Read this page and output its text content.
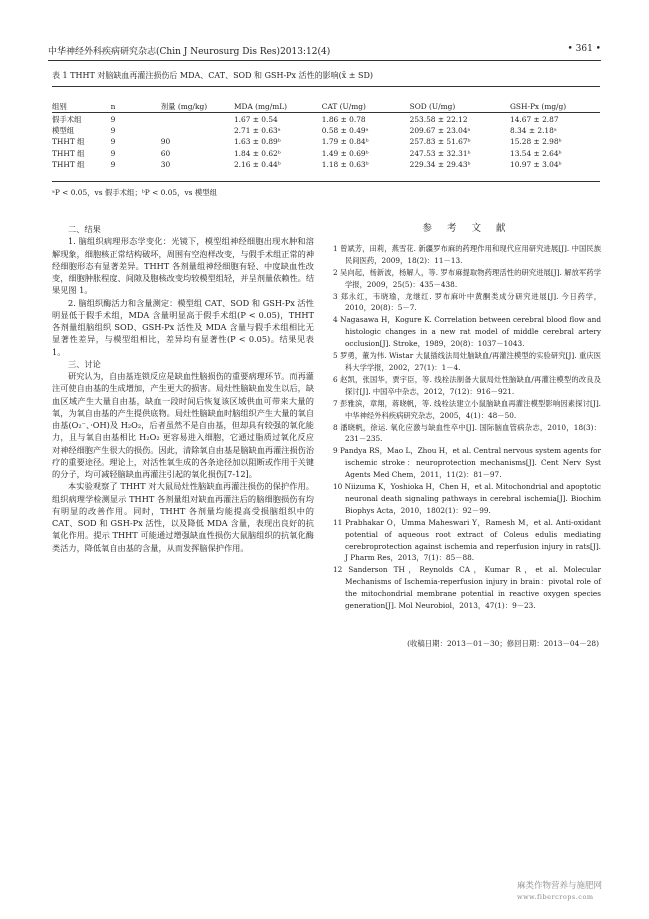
中华神经外科疾病研究杂志(Chin J Neurosurg Dis Res)2013:12(4)	• 361 •
表 1 THHT 对脑缺血再灌注损伤后 MDA、CAT、SOD 和 GSH-Px 活性的影响(x̄ ± SD)
组别	n	剂量 (mg/kg)	MDA (mg/mL)	CAT (U/mg)	SOD (U/mg)	GSH-Px (mg/g)
假手术组	9		1.67 ± 0.54	1.86 ± 0.78	253.58 ± 22.12	14.67 ± 2.87
模型组	9		2.71 ± 0.63ᵃ	0.58 ± 0.49ᵃ	209.67 ± 23.04ᵃ	8.34 ± 2.18ᵃ
THHT 组	9	90	1.63 ± 0.89ᵇ	1.79 ± 0.84ᵇ	257.83 ± 51.67ᵇ	15.28 ± 2.98ᵇ
THHT 组	9	60	1.84 ± 0.62ᵇ	1.49 ± 0.69ᵇ	247.53 ± 32.31ᵇ	13.54 ± 2.64ᵇ
THHT 组	9	30	2.16 ± 0.44ᵇ	1.18 ± 0.63ᵇ	229.34 ± 29.43ᵇ	10.97 ± 3.04ᵇ
ᵃP < 0.05，vs 假手术组；ᵇP < 0.05，vs 模型组

二、结果

1. 脑组织病理形态学变化：光镜下，模型组神经细胞出现水肿和溶解现象，细胞核正常结构破坏，周围有空泡样改变，与假手术组正常的神经细胞形态有显著差异。THHT 各剂量组神经细胞有轻、中度缺血性改变，细胞肿胀程度、间隙及胞核改变均较模型组轻，并呈剂量依赖性。结果见图 1。

2. 脑组织酶活力和含量测定：模型组 CAT、SOD 和 GSH-Px 活性明显低于假手术组，MDA 含量明显高于假手术组(P < 0.05)，THHT 各剂量组脑组织 SOD、GSH-Px 活性及 MDA 含量与假手术组相比无显著性差异，与模型组相比，差异均有显著性(P < 0.05)。结果见表 1。

三、讨论

研究认为，自由基连锁反应是缺血性脑损伤的重要病理环节。而再灌注可使自由基的生成增加，产生更大的损害。局灶性脑缺血发生以后，缺血区域产生大量自由基，缺血一段时间后恢复该区域供血可带来大量的氧，为氧自由基的产生提供底物。局灶性脑缺血时脑组织产生大量的氧自由基(O₂⁻、·OH)及 H₂O₂，后者虽然不是自由基，但却具有较强的氧化能力，且与氧自由基相比 H₂O₂ 更容易进入细胞，它通过脂质过氧化反应对神经细胞产生很大的损伤。因此，清除氧自由基是脑缺血再灌注损伤治疗的重要途径。理论上，对活性氧生成的各条途径加以阻断或作用于关键的分子，均可减轻脑缺血再灌注引起的氧化损伤[7-12]。

本实验观察了 THHT 对大鼠局灶性脑缺血再灌注损伤的保护作用。组织病理学检测显示 THHT 各剂量组对缺血再灌注后的脑细胞损伤有均有明显的改善作用。同时，THHT 各剂量均能提高受损脑组织中的 CAT、SOD 和 GSH-Px 活性，以及降低 MDA 含量，表现出良好的抗氧化作用。提示 THHT 可能通过增强缺血性损伤大鼠脑组织的抗氧化酶类活力，降低氧自由基的含量，从而发挥脑保护作用。

参 考 文 献

1 曾斌芳，田莉，燕雪花. 新疆罗布麻的药理作用和现代应用研究进展[J]. 中国民族民间医药，2009，18(2)：11－13.

2 吴向起，杨新波，杨解人，等. 罗布麻提取物药理活性的研究进展[J]. 解放军药学学报，2009，25(5)：435－438.

3 郑永红，韦晓瑜，龙继红. 罗布麻叶中黄酮类成分研究进展[J]. 今日药学，2010，20(8)：5－7.

4 Nagasawa H，Kogure K. Correlation between cerebral blood flow and histologic changes in a new rat model of middle cerebral artery occlusion[J]. Stroke，1989，20(8)：1037－1043.

5 罗勇，董为伟. Wistar 大鼠插线法局灶脑缺血/再灌注模型的实验研究[J]. 重庆医科大学学报，2002，27(1)：1－4.

6 赵凯，张国华，贾宇臣，等. 线栓法制备大鼠局灶性脑缺血/再灌注模型的改良及探讨[J]. 中国卒中杂志，2012，7(12)：916－921.

7 彭雅滨，章翔，蒋晓帆，等. 线栓法建立小鼠脑缺血再灌注模型影响因素探讨[J]. 中华神经外科疾病研究杂志，2005，4(1)：48－50.

8 潘晓帆，徐运. 氧化应激与缺血性卒中[J]. 国际脑血管病杂志，2010，18(3)：231－235.

9 Pandya RS，Mao L，Zhou H，et al. Central nervous system agents for ischemic stroke：neuroprotection mechanisms[J]. Cent Nerv Syst Agents Med Chem，2011，11(2)：81－97.

10 Niizuma K，Yoshioka H，Chen H，et al. Mitochondrial and apoptotic neuronal death signaling pathways in cerebral ischemia[J]. Biochim Biophys Acta，2010，1802(1)：92－99.

11 Prabhakar O，Umma Maheswari Y，Ramesh M，et al. Anti-oxidant potential of aqueous root extract of Coleus edulis mediating cerebroprotection against ischemia and reperfusion injury in rats[J]. J Pharm Res，2013，7(1)：85－88.

12 Sanderson TH，Reynolds CA，Kumar R，et al. Molecular Mechanisms of Ischemia-reperfusion injury in brain：pivotal role of the mitochondrial membrane potential in reactive oxygen species generation[J]. Mol Neurobiol，2013，47(1)：9－23.

(收稿日期：2013－01－30；修回日期：2013－04－28)
麻类作物营养与施肥网
www.fibercrops.com
